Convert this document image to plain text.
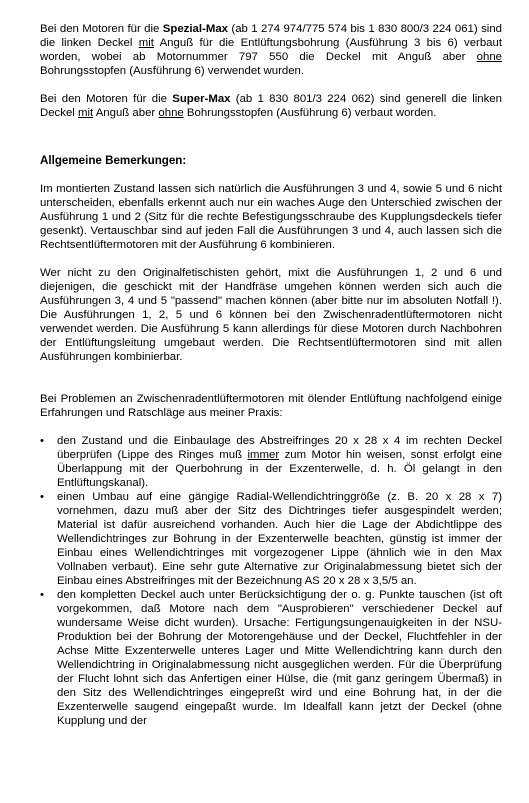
Bei den Motoren für die Spezial-Max (ab 1 274 974/775 574 bis 1 830 800/3 224 061) sind die linken Deckel mit Anguß für die Entlüftungsbohrung (Ausführung 3 bis 6) verbaut worden, wobei ab Motornummer 797 550 die Deckel mit Anguß aber ohne Bohrungsstopfen (Ausführung 6) verwendet wurden.

Bei den Motoren für die Super-Max (ab 1 830 801/3 224 062) sind generell die linken Deckel mit Anguß aber ohne Bohrungsstopfen (Ausführung 6) verbaut worden.

Allgemeine Bemerkungen:

Im montierten Zustand lassen sich natürlich die Ausführungen 3 und 4, sowie 5 und 6 nicht unterscheiden, ebenfalls erkennt auch nur ein waches Auge den Unterschied zwischen der Ausführung 1 und 2 (Sitz für die rechte Befestigungsschraube des Kupplungsdeckels tiefer gesenkt). Vertauschbar sind auf jeden Fall die Ausführungen 3 und 4, auch lassen sich die Rechtsentlüftermotoren mit der Ausführung 6 kombinieren.

Wer nicht zu den Originalfetischisten gehört, mixt die Ausführungen 1, 2 und 6 und diejenigen, die geschickt mit der Handfräse umgehen können werden sich auch die Ausführungen 3, 4 und 5 "passend" machen können (aber bitte nur im absoluten Notfall !). Die Ausführungen 1, 2, 5 und 6 können bei den Zwischenradentlüftermotoren nicht verwendet werden. Die Ausführung 5 kann allerdings für diese Motoren durch Nachbohren der Entlüftungsleitung umgebaut werden. Die Rechtsentlüftermotoren sind mit allen Ausführungen kombinierbar.

Bei Problemen an Zwischenradentlüftermotoren mit ölender Entlüftung nachfolgend einige Erfahrungen und Ratschläge aus meiner Praxis:

• den Zustand und die Einbaulage des Abstreifringes 20 x 28 x 4 im rechten Deckel überprüfen (Lippe des Ringes muß immer zum Motor hin weisen, sonst erfolgt eine Überlappung mit der Querbohrung in der Exzenterwelle, d. h. Öl gelangt in den Entlüftungskanal).
• einen Umbau auf eine gängige Radial-Wellendichtringgröße (z. B. 20 x 28 x 7) vornehmen, dazu muß aber der Sitz des Dichtringes tiefer ausgespindelt werden; Material ist dafür ausreichend vorhanden. Auch hier die Lage der Abdichtlippe des Wellendichtringes zur Bohrung in der Exzenterwelle beachten, günstig ist immer der Einbau eines Wellendichtringes mit vorgezogener Lippe (ähnlich wie in den Max Vollnaben verbaut). Eine sehr gute Alternative zur Originalabmessung bietet sich der Einbau eines Abstreifringes mit der Bezeichnung AS 20 x 28 x 3,5/5 an.
• den kompletten Deckel auch unter Berücksichtigung der o. g. Punkte tauschen (ist oft vorgekommen, daß Motore nach dem "Ausprobieren" verschiedener Deckel auf wundersame Weise dicht wurden). Ursache: Fertigungsungenauigkeiten in der NSU-Produktion bei der Bohrung der Motorengehäuse und der Deckel, Fluchtfehler in der Achse Mitte Exzenterwelle unteres Lager und Mitte Wellendichtring kann durch den Wellendichtring in Originalabmessung nicht ausgeglichen werden. Für die Überprüfung der Flucht lohnt sich das Anfertigen einer Hülse, die (mit ganz geringem Übermaß) in den Sitz des Wellendichtringes eingepreßt wird und eine Bohrung hat, in der die Exzenterwelle saugend eingepaßt wurde. Im Idealfall kann jetzt der Deckel (ohne Kupplung und der
